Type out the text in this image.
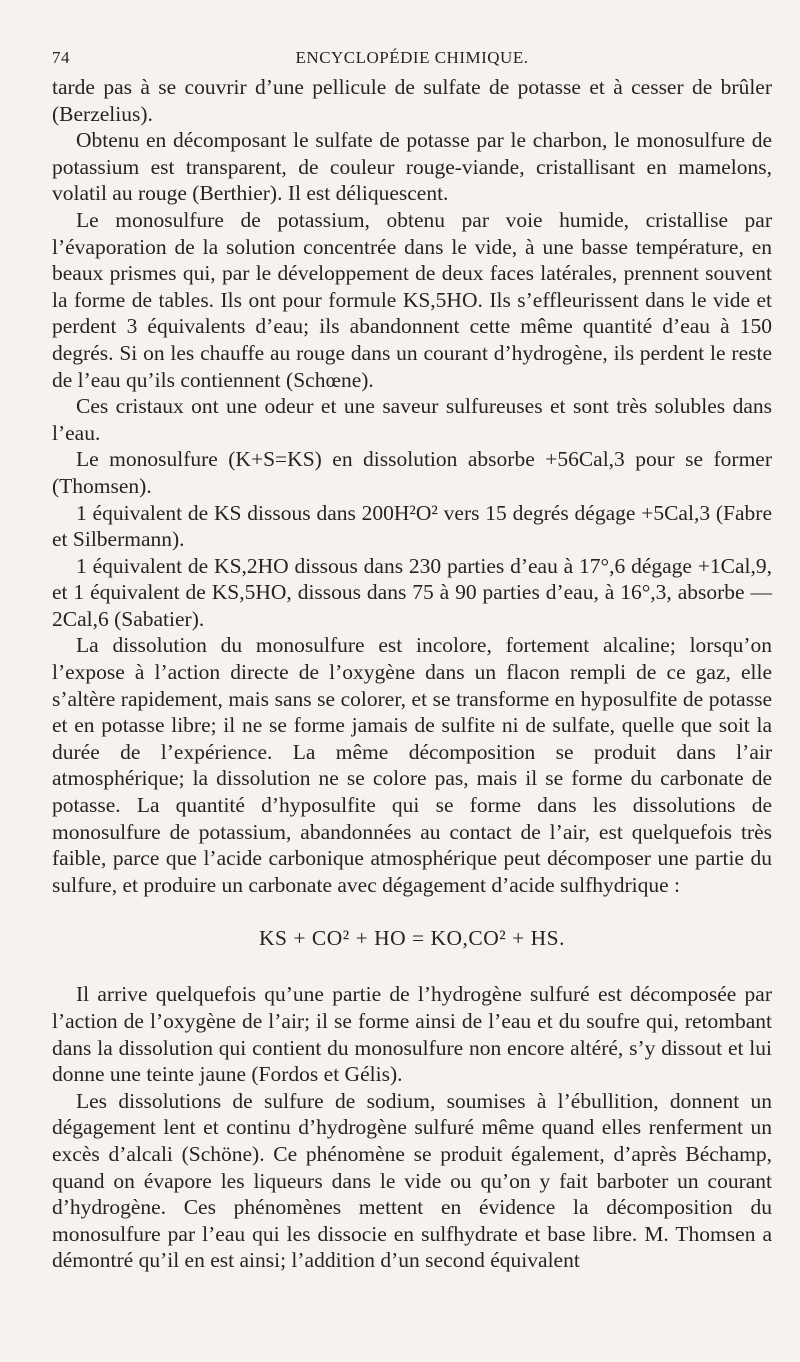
74	ENCYCLOPÉDIE CHIMIQUE.

tarde pas à se couvrir d’une pellicule de sulfate de potasse et à cesser de brûler (Berzelius).

Obtenu en décomposant le sulfate de potasse par le charbon, le monosulfure de potassium est transparent, de couleur rouge-viande, cristallisant en mamelons, volatil au rouge (Berthier). Il est déliquescent.

Le monosulfure de potassium, obtenu par voie humide, cristallise par l’évaporation de la solution concentrée dans le vide, à une basse température, en beaux prismes qui, par le développement de deux faces latérales, prennent souvent la forme de tables. Ils ont pour formule KS,5HO. Ils s’effleurissent dans le vide et perdent 3 équivalents d’eau; ils abandonnent cette même quantité d’eau à 150 degrés. Si on les chauffe au rouge dans un courant d’hydrogène, ils perdent le reste de l’eau qu’ils contiennent (Schœne).

Ces cristaux ont une odeur et une saveur sulfureuses et sont très solubles dans l’eau.

Le monosulfure (K+S=KS) en dissolution absorbe +56Cal,3 pour se former (Thomsen).

1 équivalent de KS dissous dans 200H²O² vers 15 degrés dégage +5Cal,3 (Fabre et Silbermann).

1 équivalent de KS,2HO dissous dans 230 parties d’eau à 17°,6 dégage +1Cal,9, et 1 équivalent de KS,5HO, dissous dans 75 à 90 parties d’eau, à 16°,3, absorbe —2Cal,6 (Sabatier).

La dissolution du monosulfure est incolore, fortement alcaline; lorsqu’on l’expose à l’action directe de l’oxygène dans un flacon rempli de ce gaz, elle s’altère rapidement, mais sans se colorer, et se transforme en hyposulfite de potasse et en potasse libre; il ne se forme jamais de sulfite ni de sulfate, quelle que soit la durée de l’expérience. La même décomposition se produit dans l’air atmosphérique; la dissolution ne se colore pas, mais il se forme du carbonate de potasse. La quantité d’hyposulfite qui se forme dans les dissolutions de monosulfure de potassium, abandonnées au contact de l’air, est quelquefois très faible, parce que l’acide carbonique atmosphérique peut décomposer une partie du sulfure, et produire un carbonate avec dégagement d’acide sulfhydrique :

KS + CO² + HO = KO,CO² + HS.

Il arrive quelquefois qu’une partie de l’hydrogène sulfuré est décomposée par l’action de l’oxygène de l’air; il se forme ainsi de l’eau et du soufre qui, retombant dans la dissolution qui contient du monosulfure non encore altéré, s’y dissout et lui donne une teinte jaune (Fordos et Gélis).

Les dissolutions de sulfure de sodium, soumises à l’ébullition, donnent un dégagement lent et continu d’hydrogène sulfuré même quand elles renferment un excès d’alcali (Schöne). Ce phénomène se produit également, d’après Béchamp, quand on évapore les liqueurs dans le vide ou qu’on y fait barboter un courant d’hydrogène. Ces phénomènes mettent en évidence la décomposition du monosulfure par l’eau qui les dissocie en sulfhydrate et base libre. M. Thomsen a démontré qu’il en est ainsi; l’addition d’un second équivalent
